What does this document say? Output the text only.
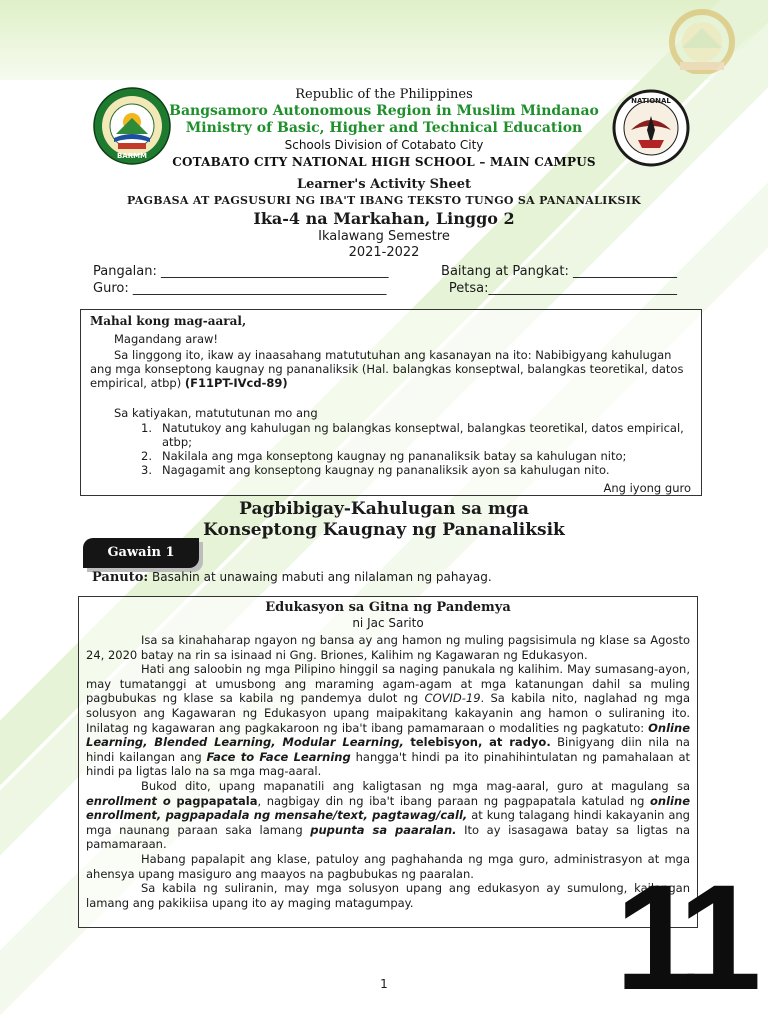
BARMM
NATIONAL
Republic of the Philippines
Bangsamoro Autonomous Region in Muslim Mindanao
Ministry of Basic, Higher and Technical Education
Schools Division of Cotabato City
COTABATO CITY NATIONAL HIGH SCHOOL – MAIN CAMPUS
Learner's Activity Sheet
PAGBASA AT PAGSUSURI NG IBA'T IBANG TEKSTO TUNGO SA PANANALIKSIK
Ika-4 na Markahan, Linggo 2
Ikalawang Semestre
2021-2022
Pangalan: ___________________________________	Baitang at Pangkat: ________________
Guro: _______________________________________	Petsa:_____________________________
Mahal kong mag-aaral,
Magandang araw!
Sa linggong ito, ikaw ay inaasahang matututuhan ang kasanayan na ito: Nabibigyang kahulugan ang mga konseptong kaugnay ng pananaliksik (Hal. balangkas konseptwal, balangkas teoretikal, datos empirical, atbp) (F11PT-IVcd-89)
Sa katiyakan, matututunan mo ang
1. Natutukoy ang kahulugan ng balangkas konseptwal, balangkas teoretikal, datos empirical, atbp;
2. Nakilala ang mga konseptong kaugnay ng pananaliksik batay sa kahulugan nito;
3. Nagagamit ang konseptong kaugnay ng pananaliksik ayon sa kahulugan nito.
Ang iyong guro
Pagbibigay-Kahulugan sa mga
Konseptong Kaugnay ng Pananaliksik
Gawain 1
Panuto: Basahin at unawaing mabuti ang nilalaman ng pahayag.
Edukasyon sa Gitna ng Pandemya
ni Jac Sarito

Isa sa kinahaharap ngayon ng bansa ay ang hamon ng muling pagsisimula ng klase sa Agosto 24, 2020 batay na rin sa isinaad ni Gng. Briones, Kalihim ng Kagawaran ng Edukasyon.

Hati ang saloobin ng mga Pilipino hinggil sa naging panukala ng kalihim. May sumasang-ayon, may tumatanggi at umusbong ang maraming agam-agam at mga katanungan dahil sa muling pagbubukas ng klase sa kabila ng pandemya dulot ng COVID-19. Sa kabila nito, naglahad ng mga solusyon ang Kagawaran ng Edukasyon upang maipakitang kakayanin ang hamon o suliraning ito. Inilatag ng kagawaran ang pagkakaroon ng iba't ibang pamamaraan o modalities ng pagkatuto: Online Learning, Blended Learning, Modular Learning, telebisyon, at radyo. Binigyang diin nila na hindi kailangan ang Face to Face Learning hangga't hindi pa ito pinahihintulatan ng pamahalaan at hindi pa ligtas lalo na sa mga mag-aaral.

Bukod dito, upang mapanatili ang kaligtasan ng mga mag-aaral, guro at magulang sa enrollment o pagpapatala, nagbigay din ng iba't ibang paraan ng pagpapatala katulad ng online enrollment, pagpapadala ng mensahe/text, pagtawag/call, at kung talagang hindi kakayanin ang mga naunang paraan saka lamang pupunta sa paaralan. Ito ay isasagawa batay sa ligtas na pamamaraan.

Habang papalapit ang klase, patuloy ang paghahanda ng mga guro, administrasyon at mga ahensya upang masiguro ang maayos na pagbubukas ng paaralan.

Sa kabila ng suliranin, may mga solusyon upang ang edukasyon ay sumulong, kailangan lamang ang pakikiisa upang ito ay maging matagumpay.	11
1
